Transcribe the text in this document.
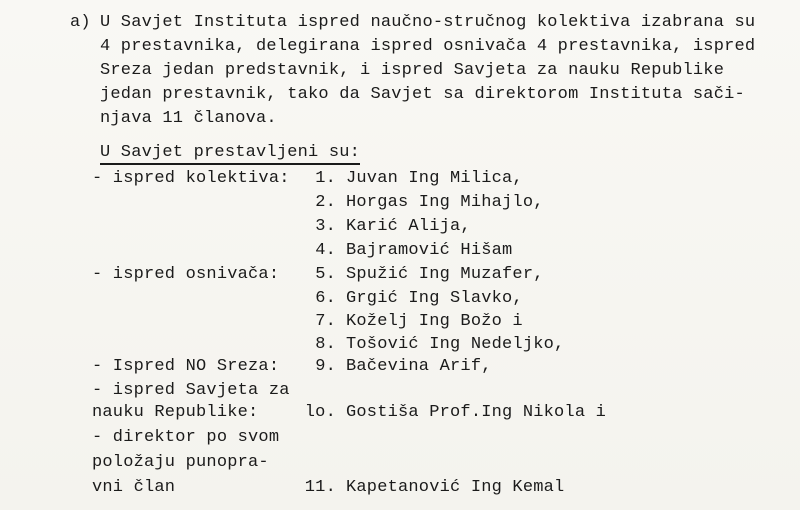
a) U Savjet Instituta ispred naučno-stručnog kolektiva izabrana su
4 prestavnika, delegirana ispred osnivača 4 prestavnika, ispred
Sreza jedan predstavnik, i ispred Savjeta za nauku Republike
jedan prestavnik, tako da Savjet sa direktorom Instituta sači-
njava 11 članova.
U Savjet prestavljeni su:
- ispred kolektiva:
- ispred osnivača:
- Ispred NO Sreza:
- ispred Savjeta za
nauku Republike:
- direktor po svom
položaju punopra-
vni član
1. Juvan Ing Milica,
2. Horgas Ing Mihajlo,
3. Karić Alija,
4. Bajramović Hišam
5. Spužić Ing Muzafer,
6. Grgić Ing Slavko,
7. Koželj Ing Božo i
8. Tošović Ing Nedeljko,
9. Bačevina Arif,
lo. Gostiša Prof.Ing Nikola i
11. Kapetanović Ing Kemal
